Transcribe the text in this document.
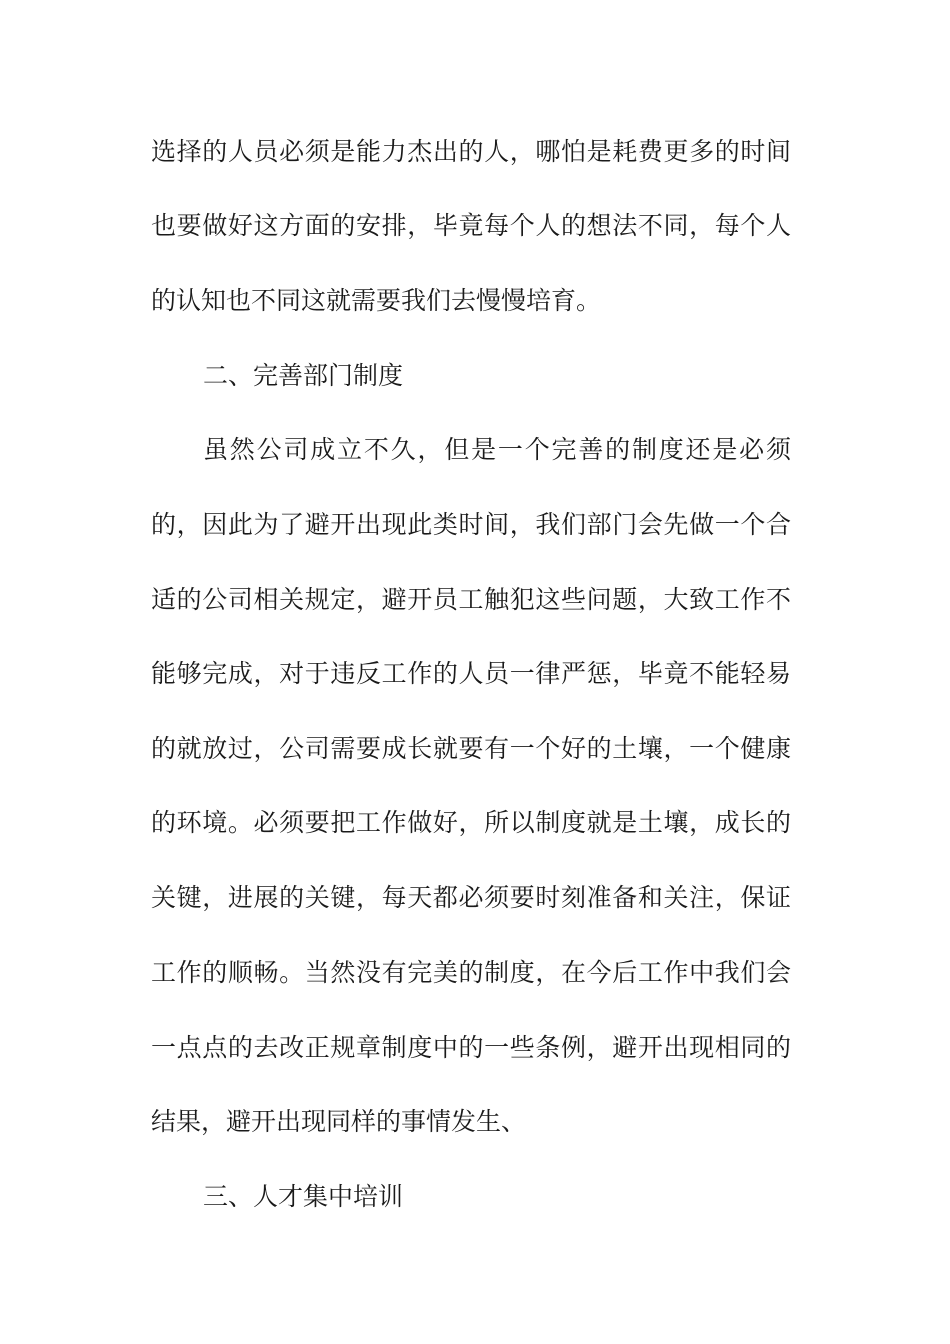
选择的人员必须是能力杰出的人，哪怕是耗费更多的时间
也要做好这方面的安排，毕竟每个人的想法不同，每个人
的认知也不同这就需要我们去慢慢培育。
二、完善部门制度
虽然公司成立不久，但是一个完善的制度还是必须
的，因此为了避开出现此类时间，我们部门会先做一个合
适的公司相关规定，避开员工触犯这些问题，大致工作不
能够完成，对于违反工作的人员一律严惩，毕竟不能轻易
的就放过，公司需要成长就要有一个好的土壤，一个健康
的环境。必须要把工作做好，所以制度就是土壤，成长的
关键，进展的关键，每天都必须要时刻准备和关注，保证
工作的顺畅。当然没有完美的制度，在今后工作中我们会
一点点的去改正规章制度中的一些条例，避开出现相同的
结果，避开出现同样的事情发生、
三、人才集中培训
